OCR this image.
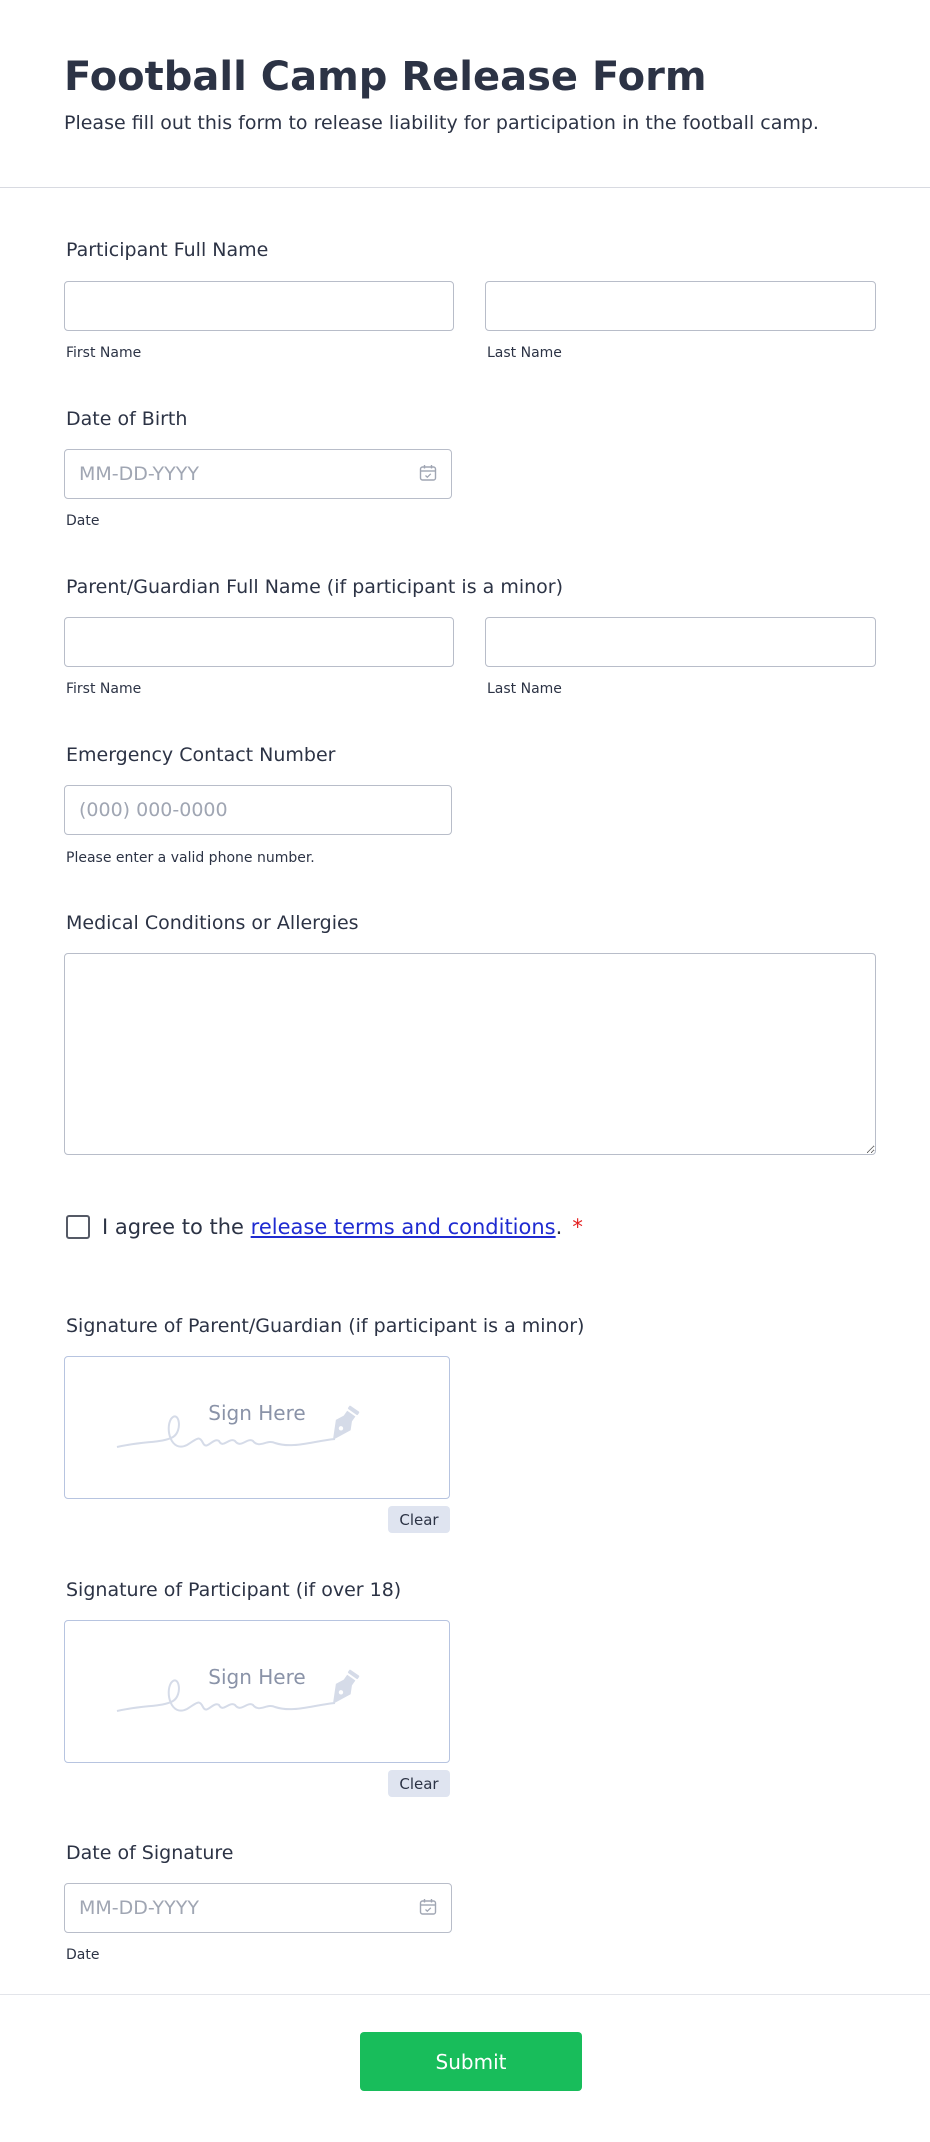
Football Camp Release Form

Please fill out this form to release liability for participation in the football camp.

Participant Full Name
First Name	Last Name
Date of Birth
MM-DD-YYYY
Date
Parent/Guardian Full Name (if participant is a minor)
First Name	Last Name
Emergency Contact Number
(000) 000-0000
Please enter a valid phone number.
Medical Conditions or Allergies
I agree to the release terms and conditions. *
Signature of Parent/Guardian (if participant is a minor)
Sign Here
Clear
Signature of Participant (if over 18)
Sign Here
Clear
Date of Signature
MM-DD-YYYY
Date
Submit
